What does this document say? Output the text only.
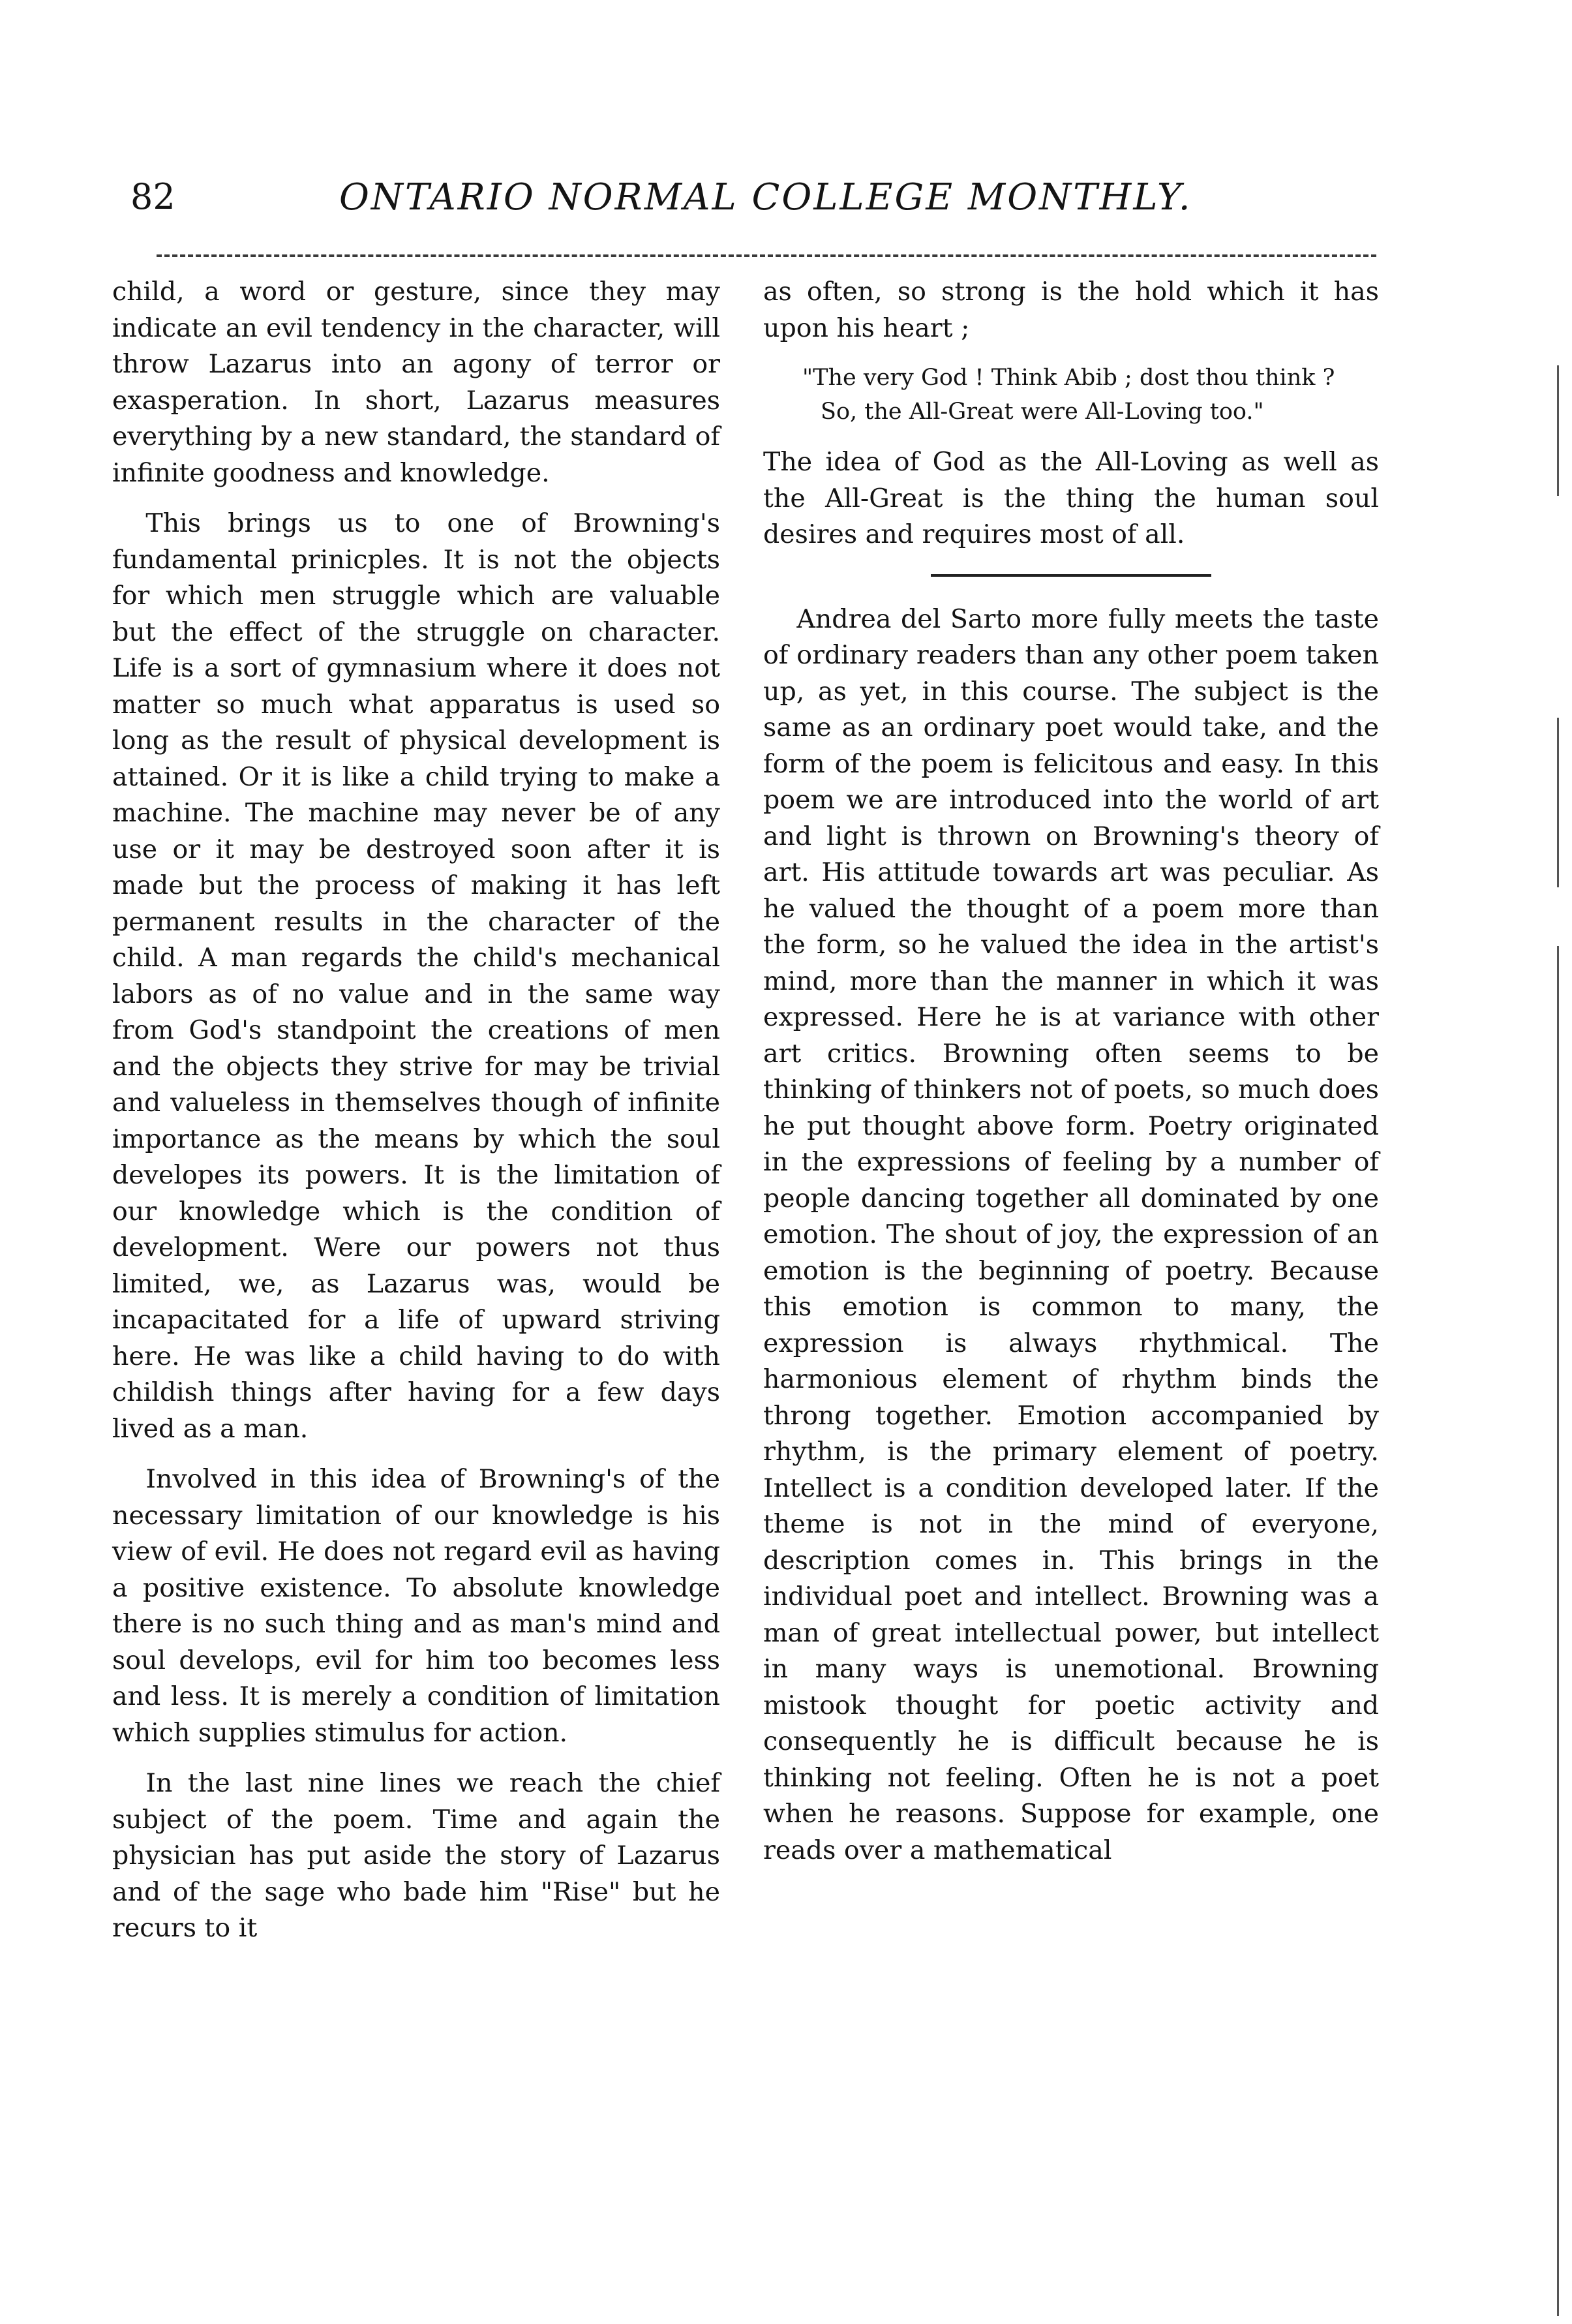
82	ONTARIO NORMAL COLLEGE MONTHLY.

child, a word or gesture, since they may indicate an evil tendency in the character, will throw Lazarus into an agony of terror or exasperation. In short, Lazarus measures everything by a new standard, the standard of infinite goodness and knowledge.

This brings us to one of Browning's fundamental prinicples. It is not the objects for which men struggle which are valuable but the effect of the struggle on character. Life is a sort of gymnasium where it does not matter so much what apparatus is used so long as the result of physical development is attained. Or it is like a child trying to make a machine. The machine may never be of any use or it may be destroyed soon after it is made but the process of making it has left permanent results in the character of the child. A man regards the child's mechanical labors as of no value and in the same way from God's standpoint the creations of men and the objects they strive for may be trivial and valueless in themselves though of infinite importance as the means by which the soul developes its powers. It is the limitation of our knowledge which is the condition of development. Were our powers not thus limited, we, as Lazarus was, would be incapacitated for a life of upward striving here. He was like a child having to do with childish things after having for a few days lived as a man.

Involved in this idea of Browning's of the necessary limitation of our knowledge is his view of evil. He does not regard evil as having a positive existence. To absolute knowledge there is no such thing and as man's mind and soul develops, evil for him too becomes less and less. It is merely a condition of limitation which supplies stimulus for action.

In the last nine lines we reach the chief subject of the poem. Time and again the physician has put aside the story of Lazarus and of the sage who bade him "Rise" but he recurs to it

as often, so strong is the hold which it has upon his heart ;

"The very God ! Think Abib ; dost thou think ?

So, the All-Great were All-Loving too."

The idea of God as the All-Loving as well as the All-Great is the thing the human soul desires and requires most of all.

Andrea del Sarto more fully meets the taste of ordinary readers than any other poem taken up, as yet, in this course. The subject is the same as an ordinary poet would take, and the form of the poem is felicitous and easy. In this poem we are introduced into the world of art and light is thrown on Browning's theory of art. His attitude towards art was peculiar. As he valued the thought of a poem more than the form, so he valued the idea in the artist's mind, more than the manner in which it was expressed. Here he is at variance with other art critics. Browning often seems to be thinking of thinkers not of poets, so much does he put thought above form. Poetry originated in the expressions of feeling by a number of people dancing together all dominated by one emotion. The shout of joy, the expression of an emotion is the beginning of poetry. Because this emotion is common to many, the expression is always rhythmical. The harmonious element of rhythm binds the throng together. Emotion accompanied by rhythm, is the primary element of poetry. Intellect is a condition developed later. If the theme is not in the mind of everyone, description comes in. This brings in the individual poet and intellect. Browning was a man of great intellectual power, but intellect in many ways is unemotional. Browning mistook thought for poetic activity and consequently he is difficult because he is thinking not feeling. Often he is not a poet when he reasons. Suppose for example, one reads over a mathematical
